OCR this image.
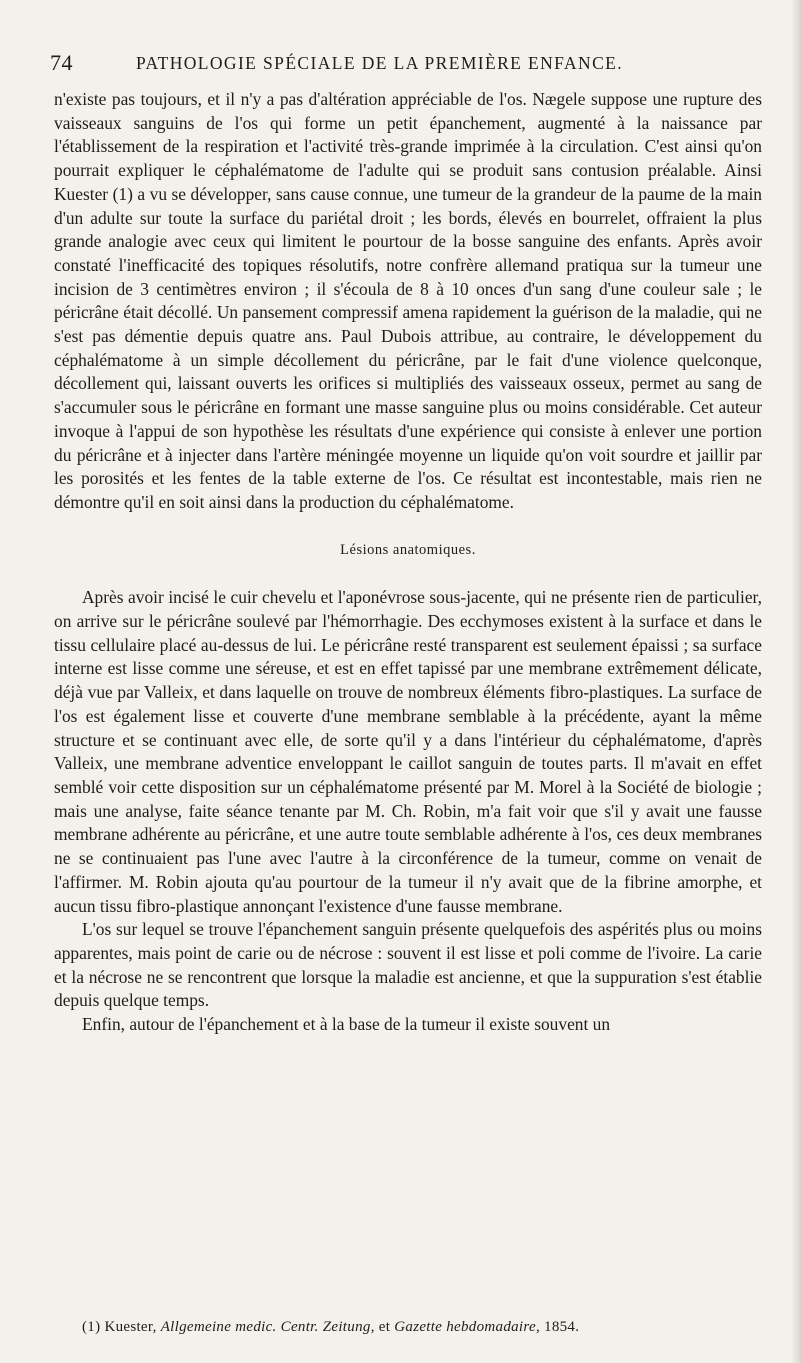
74	PATHOLOGIE SPÉCIALE DE LA PREMIÈRE ENFANCE.

n'existe pas toujours, et il n'y a pas d'altération appréciable de l'os. Nægele suppose une rupture des vaisseaux sanguins de l'os qui forme un petit épanchement, augmenté à la naissance par l'établissement de la respiration et l'activité très-grande imprimée à la circulation. C'est ainsi qu'on pourrait expliquer le céphalématome de l'adulte qui se produit sans contusion préalable. Ainsi Kuester (1) a vu se développer, sans cause connue, une tumeur de la grandeur de la paume de la main d'un adulte sur toute la surface du pariétal droit ; les bords, élevés en bourrelet, offraient la plus grande analogie avec ceux qui limitent le pourtour de la bosse sanguine des enfants. Après avoir constaté l'inefficacité des topiques résolutifs, notre confrère allemand pratiqua sur la tumeur une incision de 3 centimètres environ ; il s'écoula de 8 à 10 onces d'un sang d'une couleur sale ; le péricrâne était décollé. Un pansement compressif amena rapidement la guérison de la maladie, qui ne s'est pas démentie depuis quatre ans. Paul Dubois attribue, au contraire, le développement du céphalématome à un simple décollement du péricrâne, par le fait d'une violence quelconque, décollement qui, laissant ouverts les orifices si multipliés des vaisseaux osseux, permet au sang de s'accumuler sous le péricrâne en formant une masse sanguine plus ou moins considérable. Cet auteur invoque à l'appui de son hypothèse les résultats d'une expérience qui consiste à enlever une portion du péricrâne et à injecter dans l'artère méningée moyenne un liquide qu'on voit sourdre et jaillir par les porosités et les fentes de la table externe de l'os. Ce résultat est incontestable, mais rien ne démontre qu'il en soit ainsi dans la production du céphalématome.

Lésions anatomiques.

Après avoir incisé le cuir chevelu et l'aponévrose sous-jacente, qui ne présente rien de particulier, on arrive sur le péricrâne soulevé par l'hémorrhagie. Des ecchymoses existent à la surface et dans le tissu cellulaire placé au-dessus de lui. Le péricrâne resté transparent est seulement épaissi ; sa surface interne est lisse comme une séreuse, et est en effet tapissé par une membrane extrêmement délicate, déjà vue par Valleix, et dans laquelle on trouve de nombreux éléments fibro-plastiques. La surface de l'os est également lisse et couverte d'une membrane semblable à la précédente, ayant la même structure et se continuant avec elle, de sorte qu'il y a dans l'intérieur du céphalématome, d'après Valleix, une membrane adventice enveloppant le caillot sanguin de toutes parts. Il m'avait en effet semblé voir cette disposition sur un céphalématome présenté par M. Morel à la Société de biologie ; mais une analyse, faite séance tenante par M. Ch. Robin, m'a fait voir que s'il y avait une fausse membrane adhérente au péricrâne, et une autre toute semblable adhérente à l'os, ces deux membranes ne se continuaient pas l'une avec l'autre à la circonférence de la tumeur, comme on venait de l'affirmer. M. Robin ajouta qu'au pourtour de la tumeur il n'y avait que de la fibrine amorphe, et aucun tissu fibro-plastique annonçant l'existence d'une fausse membrane.

L'os sur lequel se trouve l'épanchement sanguin présente quelquefois des aspérités plus ou moins apparentes, mais point de carie ou de nécrose : souvent il est lisse et poli comme de l'ivoire. La carie et la nécrose ne se rencontrent que lorsque la maladie est ancienne, et que la suppuration s'est établie depuis quelque temps.

Enfin, autour de l'épanchement et à la base de la tumeur il existe souvent un

(1) Kuester, Allgemeine medic. Centr. Zeitung, et Gazette hebdomadaire, 1854.
